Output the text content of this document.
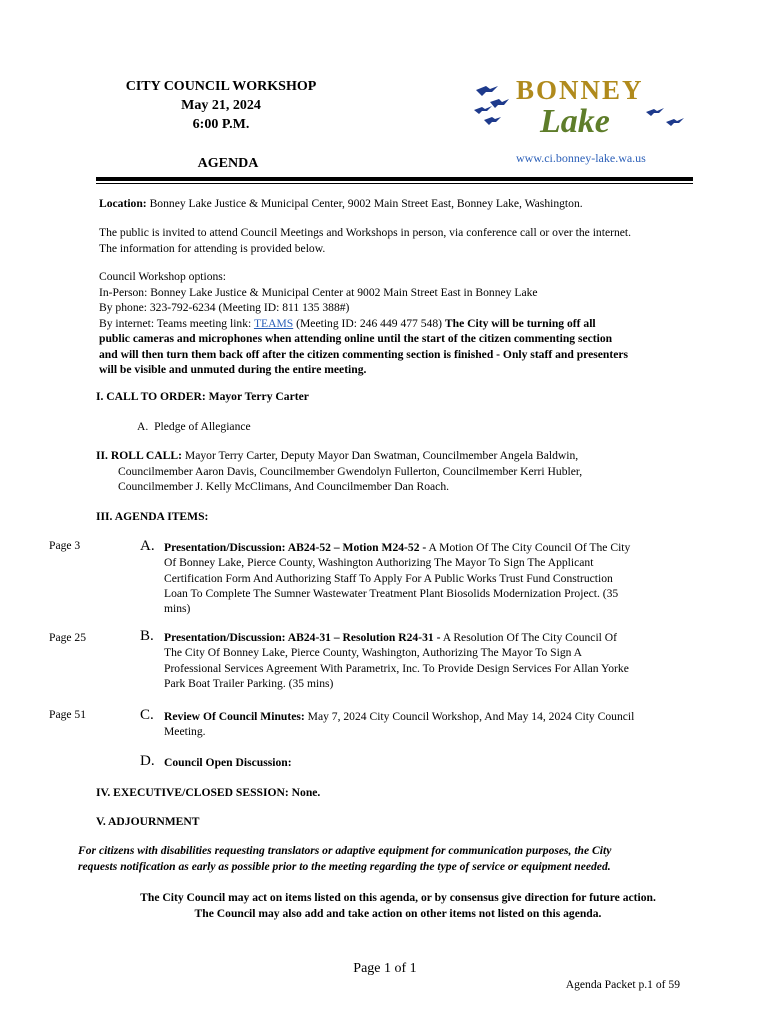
CITY COUNCIL WORKSHOP
May 21, 2024
6:00 P.M.
AGENDA
BONNEY
Lake
www.ci.bonney-lake.wa.us

Location: Bonney Lake Justice & Municipal Center, 9002 Main Street East, Bonney Lake, Washington.

The public is invited to attend Council Meetings and Workshops in person, via conference call or over the internet.

The information for attending is provided below.

Council Workshop options:

In-Person: Bonney Lake Justice & Municipal Center at 9002 Main Street East in Bonney Lake

By phone: 323-792-6234 (Meeting ID: 811 135 388#)

By internet: Teams meeting link: TEAMS (Meeting ID: 246 449 477 548) The City will be turning off all

public cameras and microphones when attending online until the start of the citizen commenting section

and will then turn them back off after the citizen commenting section is finished - Only staff and presenters

will be visible and unmuted during the entire meeting.

I. CALL TO ORDER: Mayor Terry Carter

A. Pledge of Allegiance

II. ROLL CALL: Mayor Terry Carter, Deputy Mayor Dan Swatman, Councilmember Angela Baldwin,

Councilmember Aaron Davis, Councilmember Gwendolyn Fullerton, Councilmember Kerri Hubler,

Councilmember J. Kelly McClimans, And Councilmember Dan Roach.

III. AGENDA ITEMS:

Page 3	A. Presentation/Discussion: AB24-52 – Motion M24-52 - A Motion Of The City Council Of The City
Of Bonney Lake, Pierce County, Washington Authorizing The Mayor To Sign The Applicant
Certification Form And Authorizing Staff To Apply For A Public Works Trust Fund Construction
Loan To Complete The Sumner Wastewater Treatment Plant Biosolids Modernization Project. (35
mins)
Page 25	B. Presentation/Discussion: AB24-31 – Resolution R24-31 - A Resolution Of The City Council Of
The City Of Bonney Lake, Pierce County, Washington, Authorizing The Mayor To Sign A
Professional Services Agreement With Parametrix, Inc. To Provide Design Services For Allan Yorke
Park Boat Trailer Parking. (35 mins)
Page 51	C. Review Of Council Minutes: May 7, 2024 City Council Workshop, And May 14, 2024 City Council
Meeting.
D. Council Open Discussion:

IV. EXECUTIVE/CLOSED SESSION: None.

V. ADJOURNMENT

For citizens with disabilities requesting translators or adaptive equipment for communication purposes, the City

requests notification as early as possible prior to the meeting regarding the type of service or equipment needed.

The City Council may act on items listed on this agenda, or by consensus give direction for future action.

The Council may also add and take action on other items not listed on this agenda.

Page 1 of 1
Agenda Packet p.1 of 59
